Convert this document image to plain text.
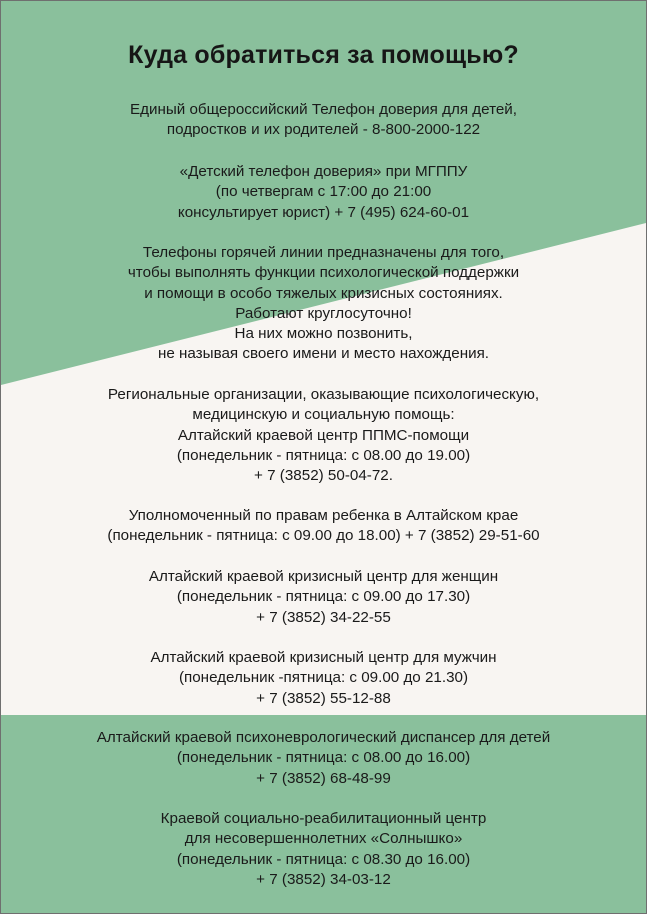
Куда обратиться за помощью?
Единый общероссийский Телефон доверия для детей,
подростков и их родителей - 8-800-2000-122
«Детский телефон доверия» при МГППУ
(по четвергам с 17:00 до 21:00
консультирует юрист) + 7 (495) 624-60-01
Телефоны горячей линии предназначены для того,
чтобы выполнять функции психологической поддержки
и помощи в особо тяжелых кризисных состояниях.
Работают круглосуточно!
На них можно позвонить,
не называя своего имени и место нахождения.
Региональные организации, оказывающие психологическую,
медицинскую и социальную помощь:
Алтайский краевой центр ППМС-помощи
(понедельник - пятница: с 08.00 до 19.00)
+ 7 (3852) 50-04-72.
Уполномоченный по правам ребенка в Алтайском крае
(понедельник - пятница: с 09.00 до 18.00) + 7 (3852) 29-51-60
Алтайский краевой кризисный центр для женщин
(понедельник - пятница: с 09.00 до 17.30)
+ 7 (3852) 34-22-55
Алтайский краевой кризисный центр для мужчин
(понедельник -пятница: с 09.00 до 21.30)
+ 7 (3852) 55-12-88
Алтайский краевой психоневрологический диспансер для детей
(понедельник - пятница: с 08.00 до 16.00)
+ 7 (3852) 68-48-99
Краевой социально-реабилитационный центр
для несовершеннолетних «Солнышко»
(понедельник - пятница: с 08.30 до 16.00)
+ 7 (3852) 34-03-12
